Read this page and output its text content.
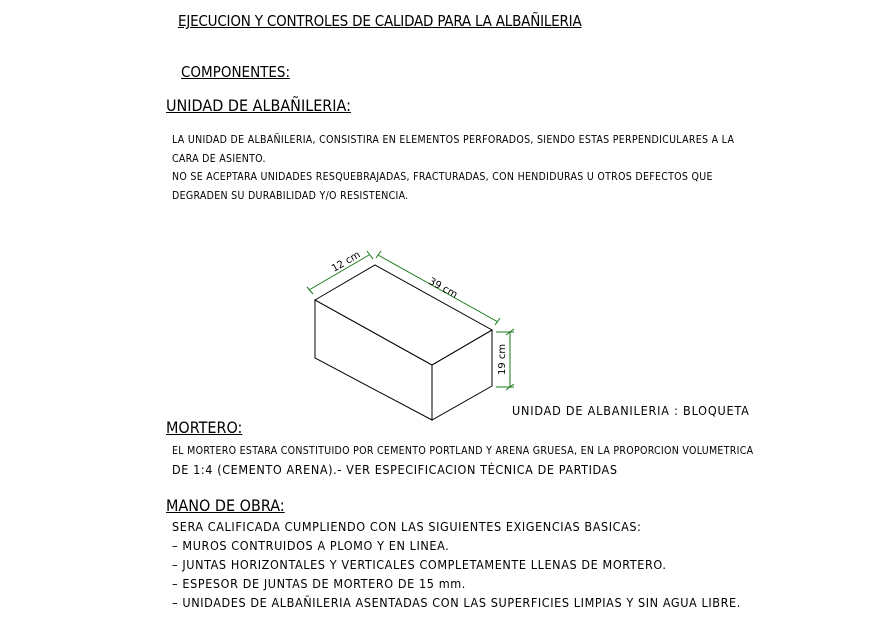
EJECUCION Y CONTROLES DE CALIDAD PARA LA ALBAÑILERIA
COMPONENTES:
UNIDAD DE ALBAÑILERIA:
LA UNIDAD DE ALBAÑILERIA, CONSISTIRA EN ELEMENTOS PERFORADOS, SIENDO ESTAS PERPENDICULARES A LA
CARA DE ASIENTO.
NO SE ACEPTARA UNIDADES RESQUEBRAJADAS, FRACTURADAS, CON HENDIDURAS U OTROS DEFECTOS QUE
DEGRADEN SU DURABILIDAD Y/O RESISTENCIA.
12 cm
39 cm
19 cm
UNIDAD DE ALBANILERIA : BLOQUETA
MORTERO:
EL MORTERO ESTARA CONSTITUIDO POR CEMENTO PORTLAND Y ARENA GRUESA, EN LA PROPORCION VOLUMETRICA
DE 1:4 (CEMENTO ARENA).- VER ESPECIFICACION TÉCNICA DE PARTIDAS
MANO DE OBRA:
SERA CALIFICADA CUMPLIENDO CON LAS SIGUIENTES EXIGENCIAS BASICAS:
– MUROS CONTRUIDOS A PLOMO Y EN LINEA.
– JUNTAS HORIZONTALES Y VERTICALES COMPLETAMENTE LLENAS DE MORTERO.
– ESPESOR DE JUNTAS DE MORTERO DE 15 mm.
– UNIDADES DE ALBAÑILERIA ASENTADAS CON LAS SUPERFICIES LIMPIAS Y SIN AGUA LIBRE.
